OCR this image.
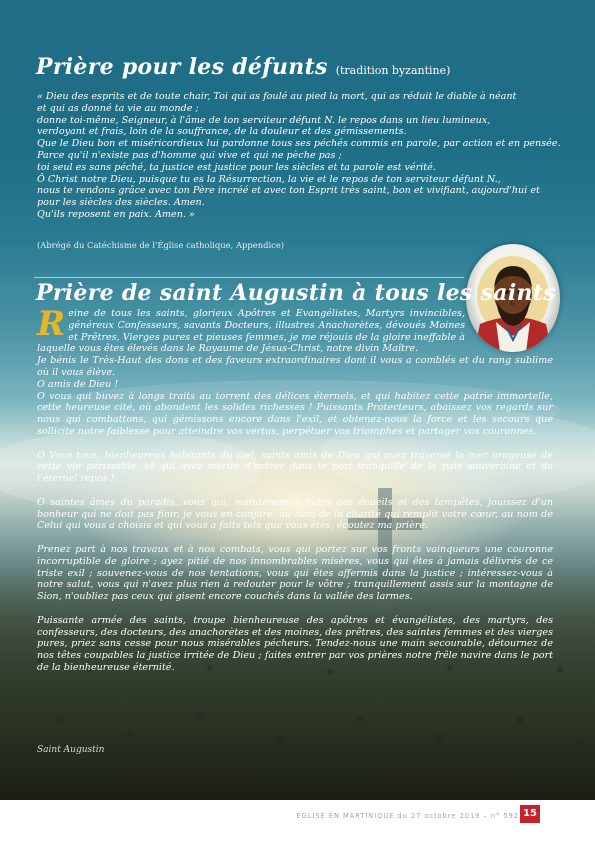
Prière pour les défunts (tradition byzantine)
« Dieu des esprits et de toute chair, Toi qui as foulé au pied la mort, qui as réduit le diable à néant
et qui as donné ta vie au monde ;
donne toi-même, Seigneur, à l'âme de ton serviteur défunt N. le repos dans un lieu lumineux,
verdoyant et frais, loin de la souffrance, de la douleur et des gémissements.
Que le Dieu bon et miséricordieux lui pardonne tous ses péchés commis en parole, par action et en pensée.
Parce qu'il n'existe pas d'homme qui vive et qui ne pèche pas ;
toi seul es sans péché, ta justice est justice pour les siècles et ta parole est vérité.
Ô Christ notre Dieu, puisque tu es la Résurrection, la vie et le repos de ton serviteur défunt N.,
nous te rendons grâce avec ton Père incréé et avec ton Esprit très saint, bon et vivifiant, aujourd'hui et
pour les siècles des siècles. Amen.
Qu'ils reposent en paix. Amen. »

(Abrégé du Catéchisme de l'Église catholique, Appendice)

Prière de saint Augustin à tous les saints

R eine de tous les saints, glorieux Apôtres et Evangélistes, Martyrs invincibles, généreux Confesseurs, savants Docteurs, illustres Anachorètes, dévoués Moines et Prêtres, Vierges pures et pieuses femmes, je me réjouis de la gloire ineffable à laquelle vous êtes élevés dans le Royaume de Jésus-Christ, notre divin Maître.

Je bénis le Très-Haut des dons et des faveurs extraordinaires dont il vous a comblés et du rang sublime où il vous élève.

O amis de Dieu !

O vous qui buvez à longs traits au torrent des délices éternels, et qui habitez cette patrie immortelle, cette heureuse cité, où abondent les solides richesses ! Puissants Protecteurs, abaissez vos regards sur nous qui combattons, qui gémissons encore dans l'exil, et obtenez-nous la force et les secours que sollicite notre faiblesse pour atteindre vos vertus, perpétuer vos triomphes et partager vos couronnes.

O Vous tous, bienheureux habitants du ciel, saints amis de Dieu qui avez traversé la mer orageuse de cette vie périssable, et qui avez mérité d'entrer dans le port tranquille de la paix souveraine et de l'éternel repos !

O saintes âmes du paradis, vous qui, maintenant à l'abri des écueils et des tempêtes, jouissez d'un bonheur qui ne doit pas finir, je vous en conjure, au nom de la charité qui remplit votre cœur, au nom de Celui qui vous a choisis et qui vous a faits tels que vous êtes, écoutez ma prière.

Prenez part à nos travaux et à nos combats, vous qui portez sur vos fronts vainqueurs une couronne incorruptible de gloire ; ayez pitié de nos innombrables misères, vous qui êtes à jamais délivrés de ce triste exil ; souvenez-vous de nos tentations, vous qui êtes affermis dans la justice ; intéressez-vous à notre salut, vous qui n'avez plus rien à redouter pour le vôtre ; tranquillement assis sur la montagne de Sion, n'oubliez pas ceux qui gisent encore couchés dans la vallée des larmes.

Puissante armée des saints, troupe bienheureuse des apôtres et évangélistes, des martyrs, des confesseurs, des docteurs, des anachorètes et des moines, des prêtres, des saintes femmes et des vierges pures, priez sans cesse pour nous misérables pécheurs. Tendez-nous une main secourable, détournez de nos têtes coupables la justice irritée de Dieu ; faites entrer par vos prières notre frêle navire dans le port de la bienheureuse éternité.

Saint Augustin

ÉGLISE EN MARTINIQUE du 27 octobre 2019 – n° 592 15
